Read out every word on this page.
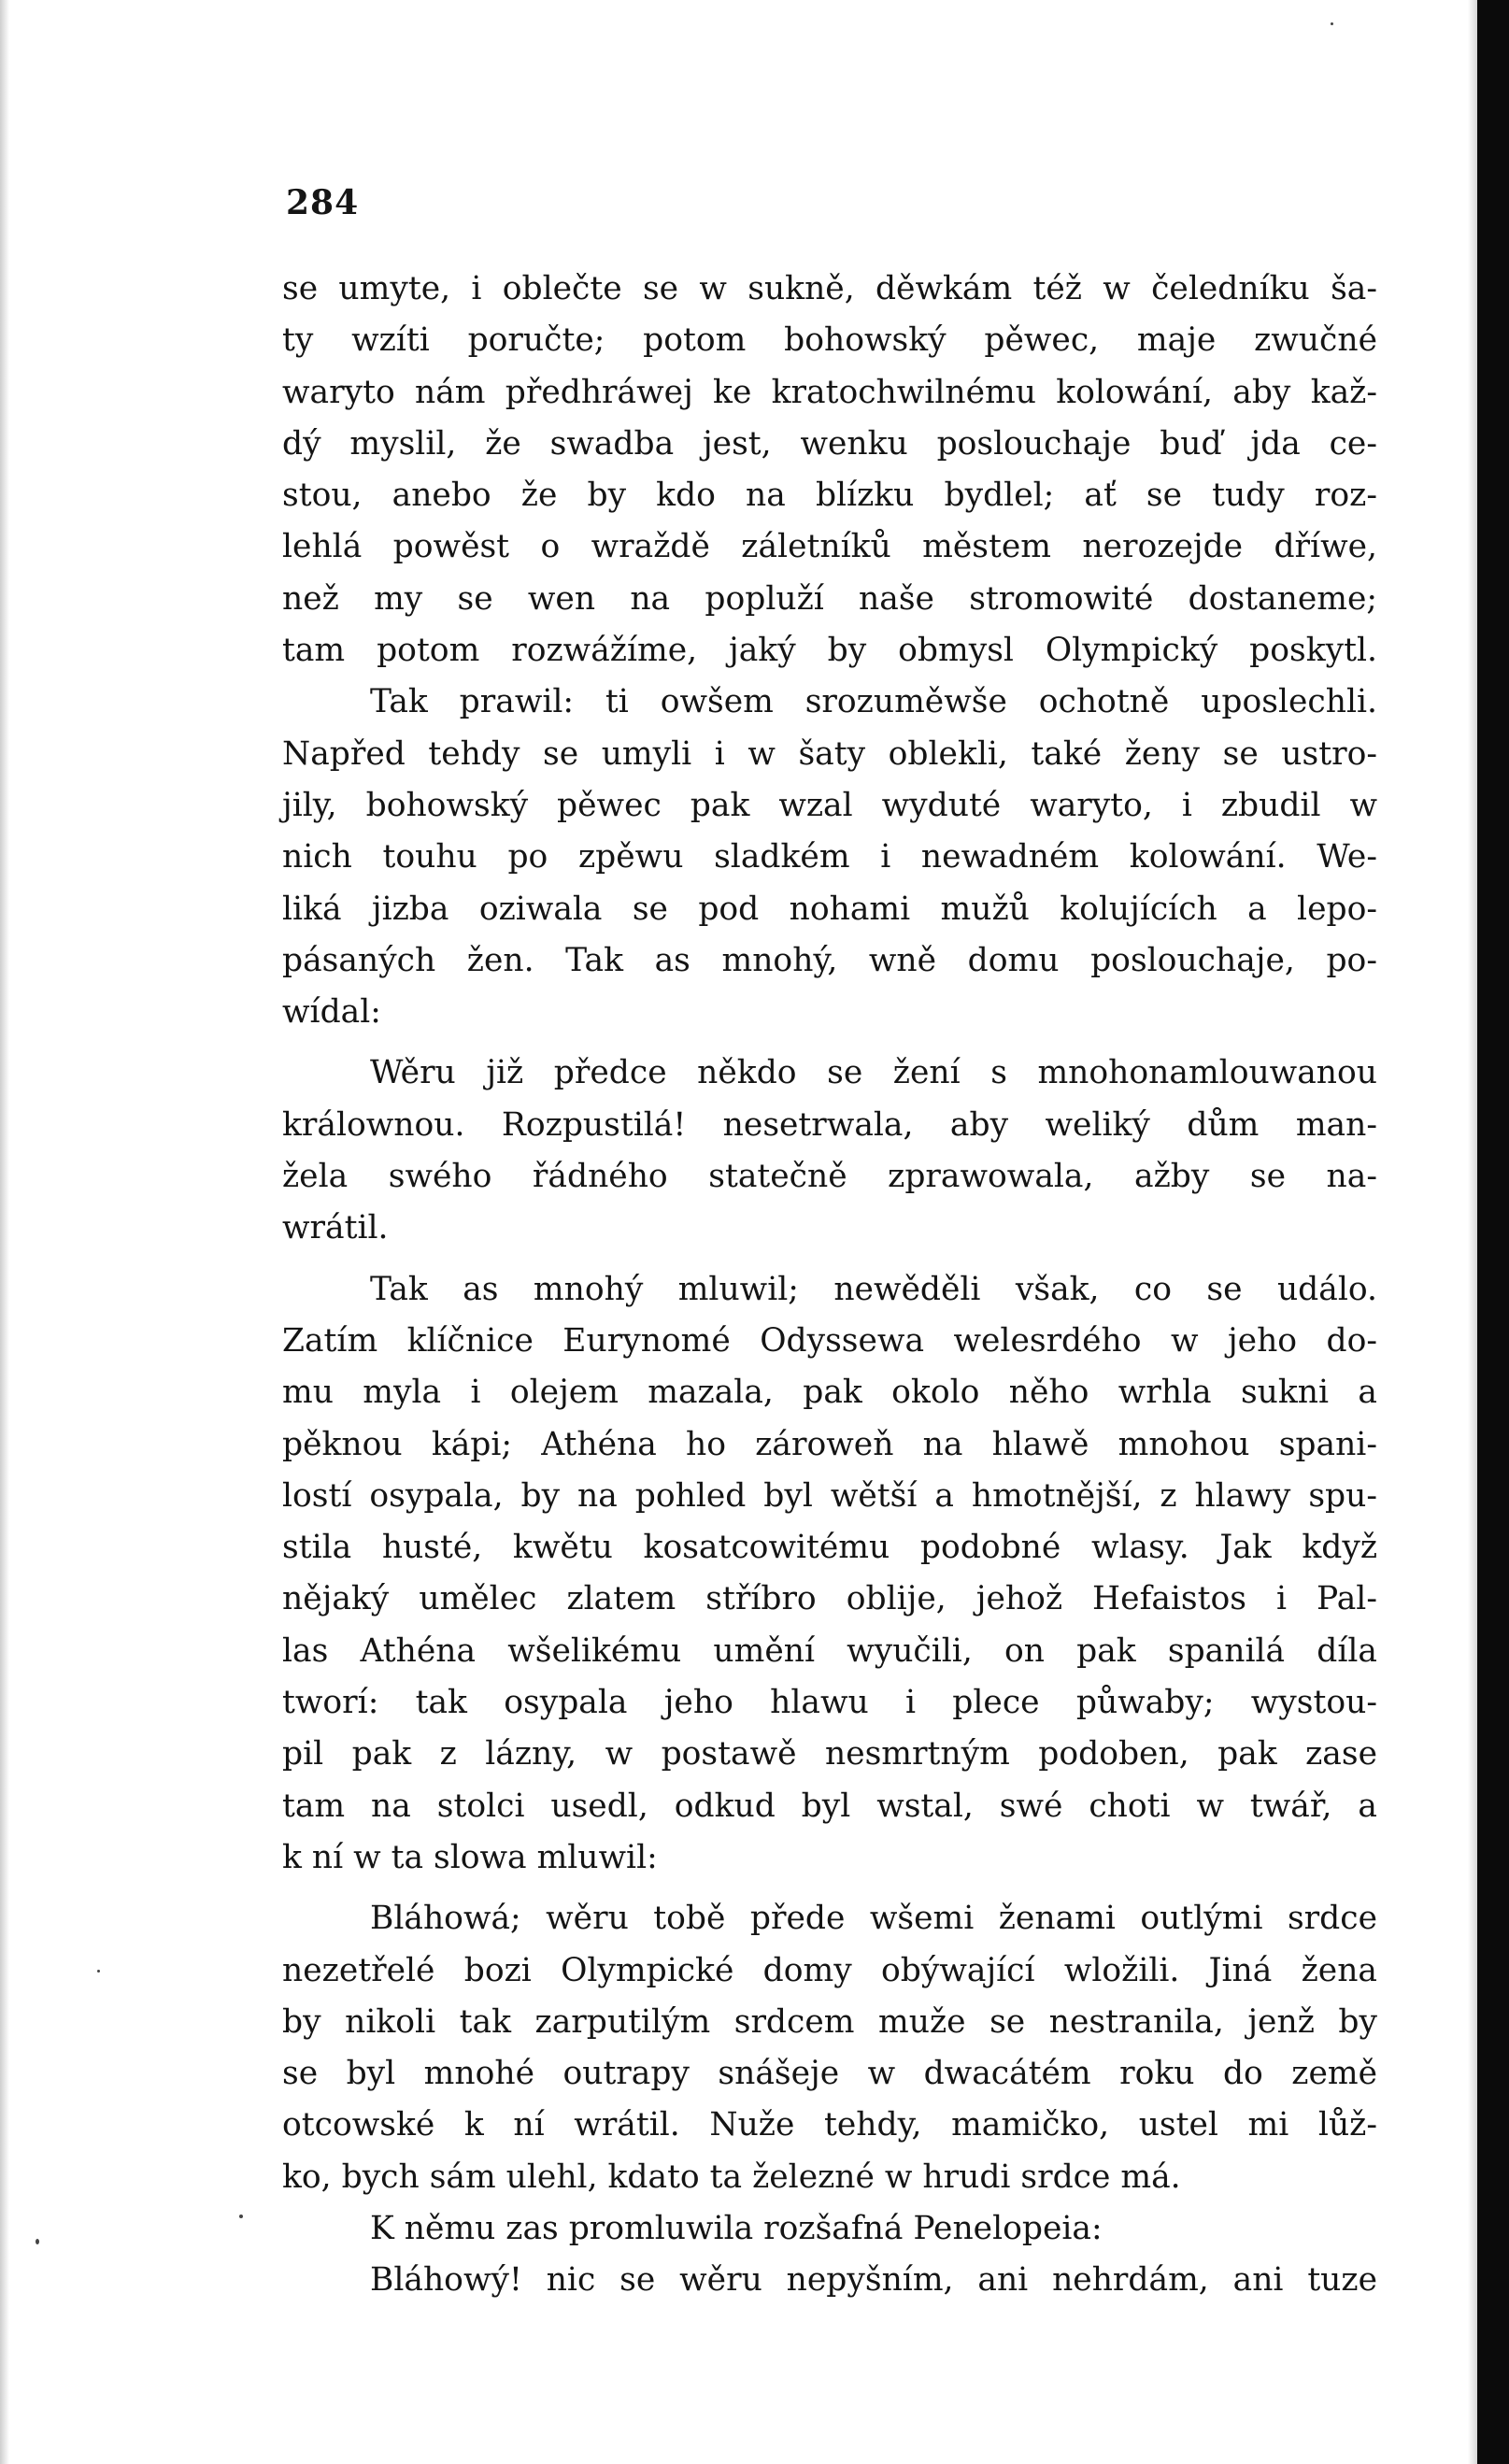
284
se umyte, i oblečte se w sukně, děwkám též w čeledníku ša-
ty wzíti poručte; potom bohowský pěwec, maje zwučné
waryto nám předhráwej ke kratochwilnému kolowání, aby kaž-
dý myslil, že swadba jest, wenku poslouchaje buď jda ce-
stou, anebo že by kdo na blízku bydlel; ať se tudy roz-
lehlá powěst o wraždě záletníků městem nerozejde dříwe,
než my se wen na popluží naše stromowité dostaneme;
tam potom rozwážíme, jaký by obmysl Olympický poskytl.
Tak prawil: ti owšem srozuměwše ochotně uposlechli.
Napřed tehdy se umyli i w šaty oblekli, také ženy se ustro-
jily, bohowský pěwec pak wzal wyduté waryto, i zbudil w
nich touhu po zpěwu sladkém i newadném kolowání. We-
liká jizba oziwala se pod nohami mužů kolujících a lepo-
pásaných žen. Tak as mnohý, wně domu poslouchaje, po-
wídal:
Wěru již předce někdo se žení s mnohonamlouwanou
králownou. Rozpustilá! nesetrwala, aby weliký dům man-
žela swého řádného statečně zprawowala, ažby se na-
wrátil.
Tak as mnohý mluwil; newěděli však, co se událo.
Zatím klíčnice Eurynomé Odyssewa welesrdého w jeho do-
mu myla i olejem mazala, pak okolo něho wrhla sukni a
pěknou kápi; Athéna ho zároweň na hlawě mnohou spani-
lostí osypala, by na pohled byl wětší a hmotnější, z hlawy spu-
stila husté, kwětu kosatcowitému podobné wlasy. Jak když
nějaký umělec zlatem stříbro oblije, jehož Hefaistos i Pal-
las Athéna wšelikému umění wyučili, on pak spanilá díla
tworí: tak osypala jeho hlawu i plece půwaby; wystou-
pil pak z lázny, w postawě nesmrtným podoben, pak zase
tam na stolci usedl, odkud byl wstal, swé choti w twář, a
k ní w ta slowa mluwil:
Bláhowá; wěru tobě přede wšemi ženami outlými srdce
nezetřelé bozi Olympické domy obýwající wložili. Jiná žena
by nikoli tak zarputilým srdcem muže se nestranila, jenž by
se byl mnohé outrapy snášeje w dwacátém roku do země
otcowské k ní wrátil. Nuže tehdy, mamičko, ustel mi lůž-
ko, bych sám ulehl, kdato ta železné w hrudi srdce má.
K němu zas promluwila rozšafná Penelopeia:
Bláhowý! nic se wěru nepyšním, ani nehrdám, ani tuze
